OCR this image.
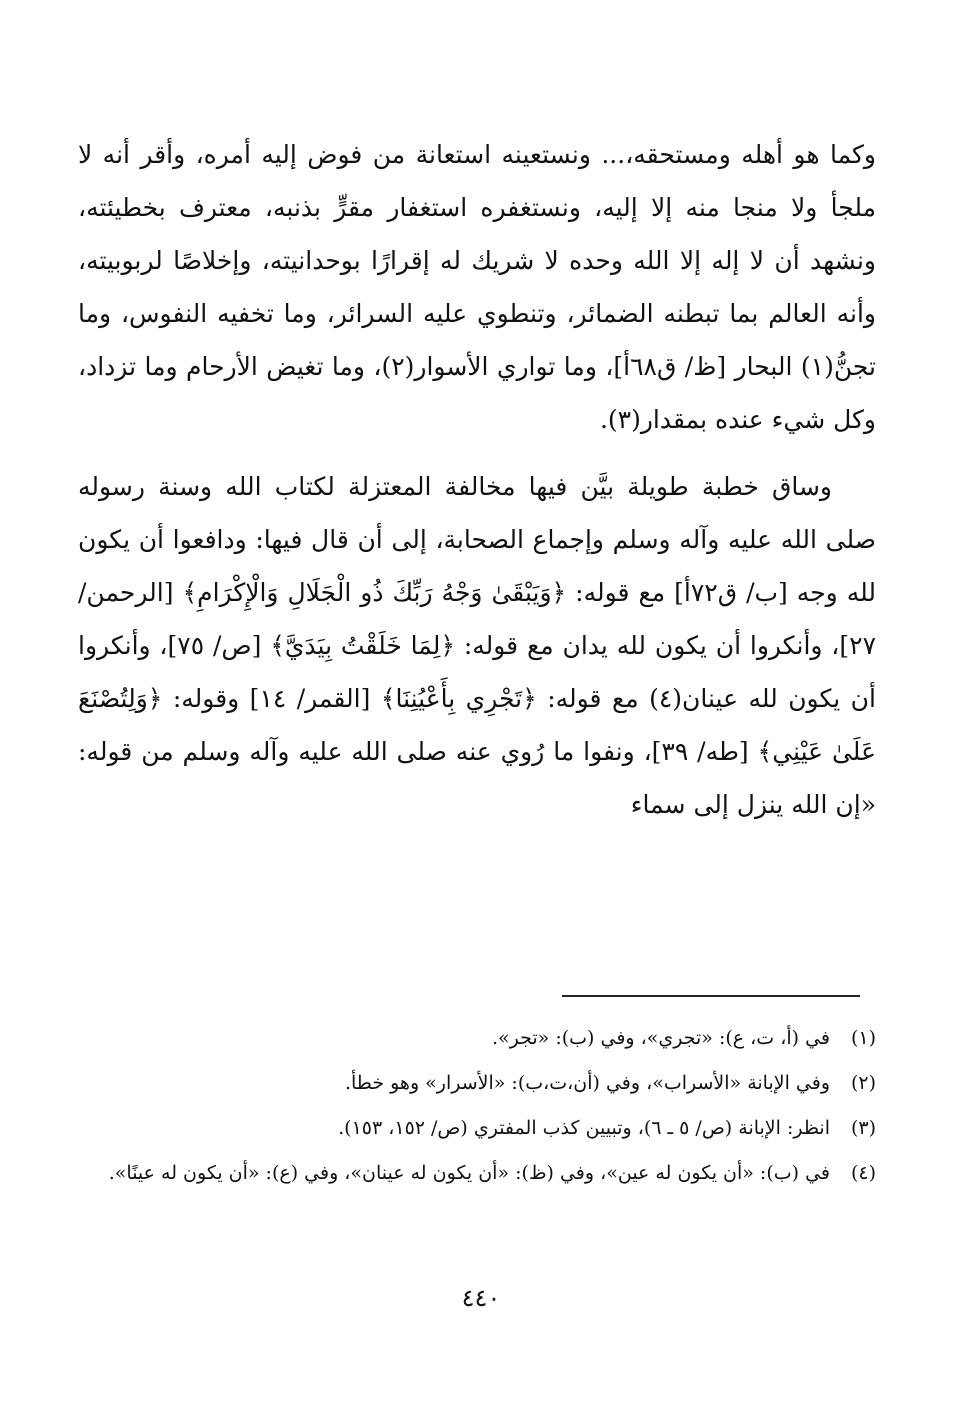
وكما هو أهله ومستحقه،... ونستعينه استعانة من فوض إليه أمره، وأقر أنه لا ملجأ ولا منجا منه إلا إليه، ونستغفره استغفار مقرٍّ بذنبه، معترف بخطيئته، ونشهد أن لا إله إلا الله وحده لا شريك له إقرارًا بوحدانيته، وإخلاصًا لربوبيته، وأنه العالم بما تبطنه الضمائر، وتنطوي عليه السرائر، وما تخفيه النفوس، وما تجنُّ(١) البحار [ظ/ ق٦٨أ]، وما تواري الأسوار(٢)، وما تغيض الأرحام وما تزداد، وكل شيء عنده بمقدار(٣).

وساق خطبة طويلة بيَّن فيها مخالفة المعتزلة لكتاب الله وسنة رسوله صلى الله عليه وآله وسلم وإجماع الصحابة، إلى أن قال فيها: ودافعوا أن يكون لله وجه [ب/ ق٧٢أ] مع قوله: ﴿وَيَبْقَىٰ وَجْهُ رَبِّكَ ذُو الْجَلَالِ وَالْإِكْرَامِ﴾ [الرحمن/ ٢٧]، وأنكروا أن يكون لله يدان مع قوله: ﴿لِمَا خَلَقْتُ بِيَدَيَّ﴾ [ص/ ٧٥]، وأنكروا أن يكون لله عينان(٤) مع قوله: ﴿تَجْرِي بِأَعْيُنِنَا﴾ [القمر/ ١٤] وقوله: ﴿وَلِتُصْنَعَ عَلَىٰ عَيْنِي﴾ [طه/ ٣٩]، ونفوا ما رُوي عنه صلى الله عليه وآله وسلم من قوله: «إن الله ينزل إلى سماء

(١)
في (أ، ت، ع): «تجري»، وفي (ب): «تجر».
(٢)
وفي الإبانة «الأسراب»، وفي (أن،ت،ب): «الأسرار» وهو خطأ.
(٣)
انظر: الإبانة (ص/ ٥ ـ ٦)، وتبيين كذب المفتري (ص/ ١٥٢، ١٥٣).
(٤)
في (ب): «أن يكون له عين»، وفي (ظ): «أن يكون له عينان»، وفي (ع): «أن يكون له عينًا».
٤٤٠
